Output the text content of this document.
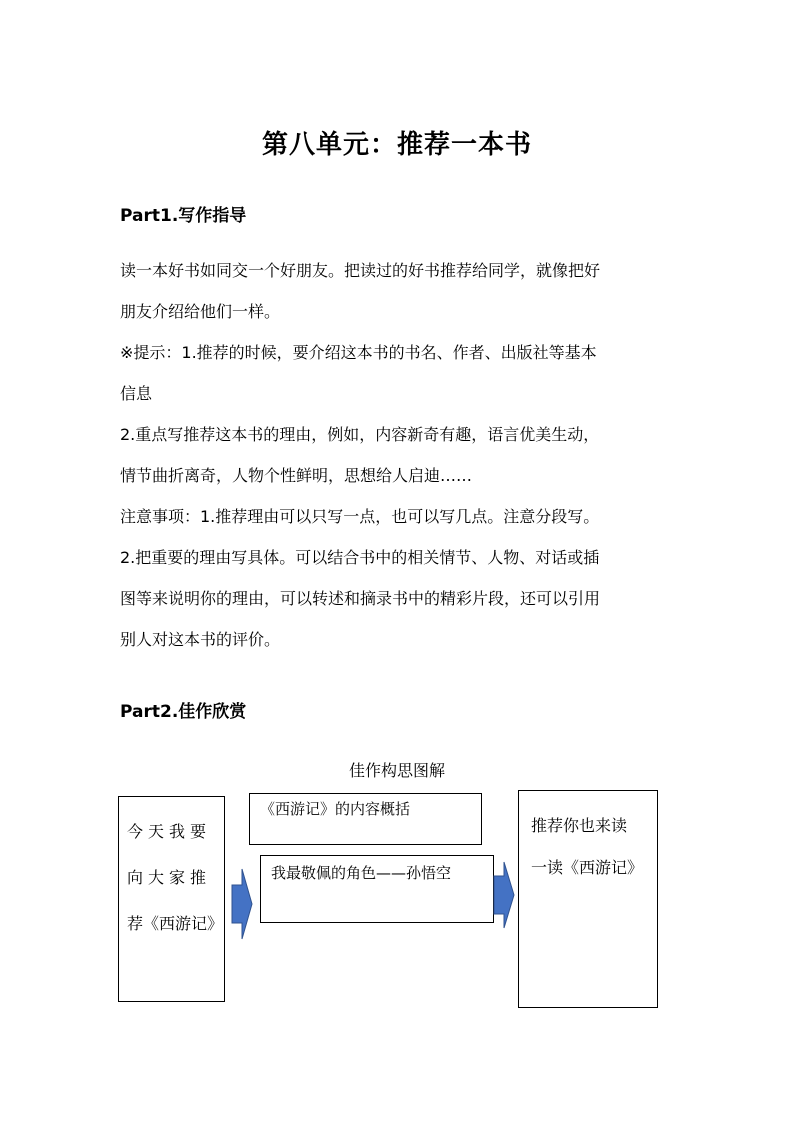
第八单元：推荐一本书
Part1.写作指导

读一本好书如同交一个好朋友。把读过的好书推荐给同学，就像把好

朋友介绍给他们一样。

※提示：1.推荐的时候，要介绍这本书的书名、作者、出版社等基本

信息

2.重点写推荐这本书的理由，例如，内容新奇有趣，语言优美生动，

情节曲折离奇，人物个性鲜明，思想给人启迪……

注意事项：1.推荐理由可以只写一点，也可以写几点。注意分段写。

2.把重要的理由写具体。可以结合书中的相关情节、人物、对话或插

图等来说明你的理由，可以转述和摘录书中的精彩片段，还可以引用

别人对这本书的评价。

Part2.佳作欣赏
佳作构思图解
今天我要
向大家推
荐《西游记》
《西游记》的内容概括
我最敬佩的角色——孙悟空
推荐你也来读
一读《西游记》
